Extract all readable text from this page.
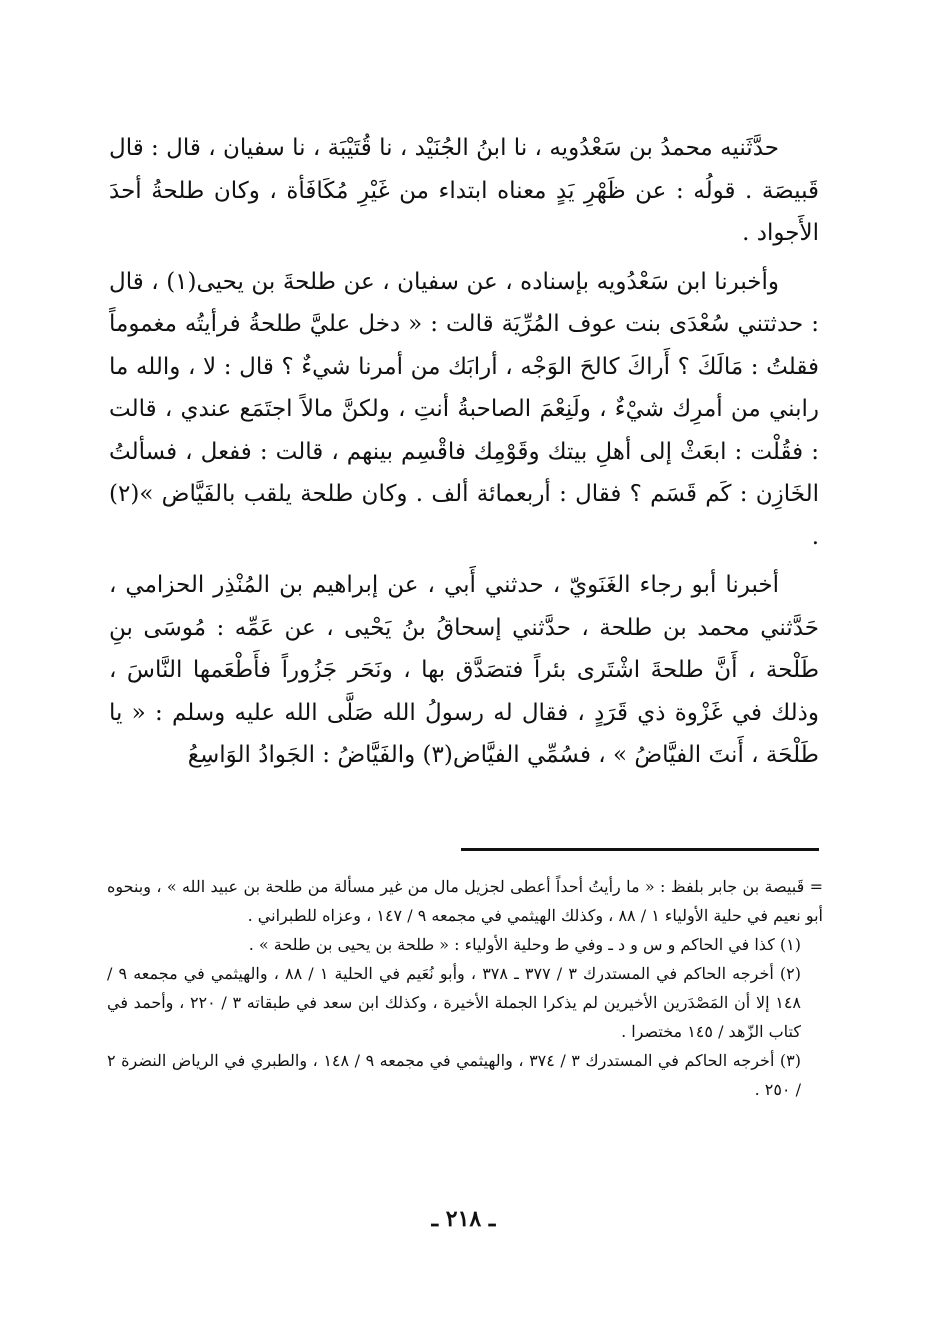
حدَّثَنيه محمدُ بن سَعْدُويه ، نا ابنُ الجُنَيْد ، نا قُتَيْبَة ، نا سفيان ، قال : قال قَبيصَة . قولُه : عن ظَهْرِ يَدٍ معناه ابتداء من غَيْرِ مُكَافَأة ، وكان طلحةُ أحدَ الأَجواد .

وأخبرنا ابن سَعْدُويه بإسناده ، عن سفيان ، عن طلحةَ بن يحيى(١) ، قال : حدثتني سُعْدَى بنت عوف المُرِّيَة قالت : « دخل عليَّ طلحةُ فرأيتُه مغموماً فقلتُ : مَالَكَ ؟ أَراكَ كالحَ الوَجْه ، أرابَك من أمرنا شيءٌ ؟ قال : لا ، والله ما رابني من أمرِك شيْءٌ ، ولَنِعْمَ الصاحبةُ أنتِ ، ولكنَّ مالاً اجتَمَع عندي ، قالت : فقُلْت : ابعَثْ إلى أهلِ بيتك وقَوْمِك فاقْسِم بينهم ، قالت : ففعل ، فسألتُ الخَازِن : كَم قَسَم ؟ فقال : أربعمائة ألف . وكان طلحة يلقب بالفَيَّاض »(٢) .

أخبرنا أبو رجاء الغَنَويّ ، حدثني أَبي ، عن إبراهيم بن المُنْذِر الحزامي ، حَدَّثني محمد بن طلحة ، حدَّثني إسحاقُ بنُ يَحْيى ، عن عَمِّه : مُوسَى بنِ طَلْحة ، أَنَّ طلحةَ اشْتَرى بئراً فتصَدَّق بها ، ونَحَر جَزُوراً فأَطْعَمها النَّاسَ ، وذلك في غَزْوة ذي قَرَدٍ ، فقال له رسولُ الله صَلَّى الله عليه وسلم : « يا طَلْحَة ، أَنتَ الفيَّاضُ » ، فسُمِّي الفيَّاض(٣) والفَيَّاضُ : الجَوادُ الوَاسِعُ

= قَبيصة بن جابر بلفظ : « ما رأيتُ أحداً أعطى لجزيل مال من غير مسألة من طلحة بن عبيد الله » ، وبنحوه أبو نعيم في حلية الأولياء ١ / ٨٨ ، وكذلك الهيثمي في مجمعه ٩ / ١٤٧ ، وعزاه للطبراني .

(١) كذا في الحاكم و س و د ـ وفي ط وحلية الأولياء : « طلحة بن يحيى بن طلحة » .

(٢) أخرجه الحاكم في المستدرك ٣ / ٣٧٧ ـ ٣٧٨ ، وأبو نُعَيم في الحلية ١ / ٨٨ ، والهيثمي في مجمعه ٩ / ١٤٨ إلا أن المَصْدَرين الأخيرين لم يذكرا الجملة الأخيرة ، وكذلك ابن سعد في طبقاته ٣ / ٢٢٠ ، وأحمد في كتاب الزّهد / ١٤٥ مختصرا .

(٣) أخرجه الحاكم في المستدرك ٣ / ٣٧٤ ، والهيثمي في مجمعه ٩ / ١٤٨ ، والطبري في الرياض النضرة ٢ / ٢٥٠ .

ـ ٢١٨ ـ
